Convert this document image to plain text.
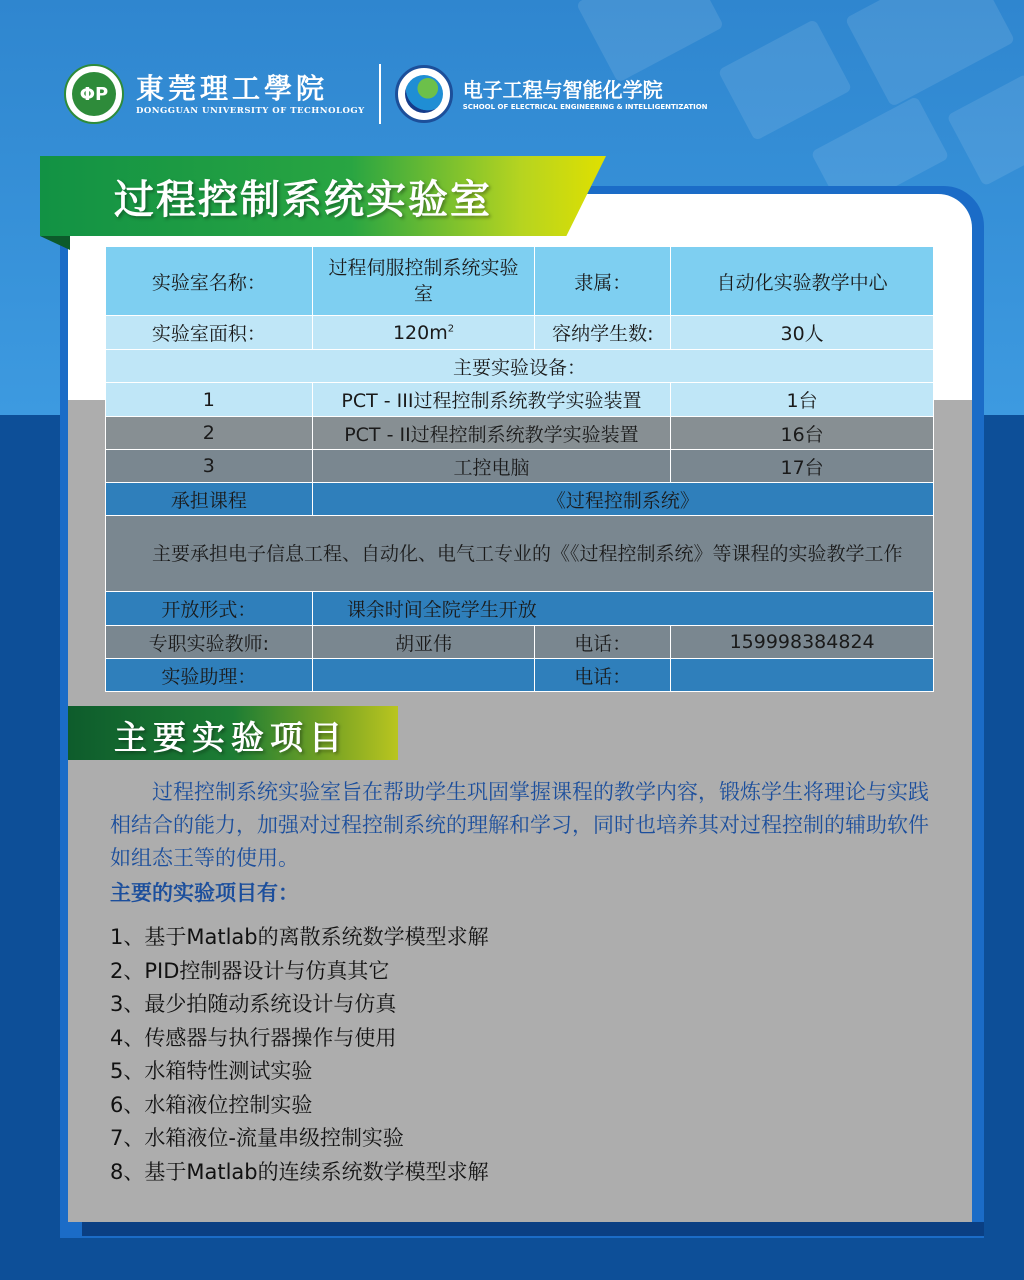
ΦP 東莞理工學院
DONGGUAN UNIVERSITY OF TECHNOLOGY
电子工程与智能化学院
SCHOOL OF ELECTRICAL ENGINEERING & INTELLIGENTIZATION
过程控制系统实验室
实验室名称：	过程伺服控制系统实验室	隶属：	自动化实验教学中心
实验室面积：	$120m^2$	容纳学生数:	30人
主要实验设备：			
1	PCT - III过程控制系统教学实验装置		1台
2	PCT - II过程控制系统教学实验装置		16台
3	工控电脑		17台
承担课程	《过程控制系统》		
主要承担电子信息工程、自动化、电气工专业的《《过程控制系统》等课程的实验教学工作			
开放形式：	课余时间全院学生开放		
专职实验教师:	胡亚伟	电话：	159998384824
实验助理：		电话：	
主要实验项目

过程控制系统实验室旨在帮助学生巩固掌握课程的教学内容，锻炼学生将理论与实践相结合的能力，加强对过程控制系统的理解和学习，同时也培养其对过程控制的辅助软件如组态王等的使用。

主要的实验项目有：
1、基于Matlab的离散系统数学模型求解
2、PID控制器设计与仿真其它
3、最少拍随动系统设计与仿真
4、传感器与执行器操作与使用
5、水箱特性测试实验
6、水箱液位控制实验
7、水箱液位-流量串级控制实验
8、基于Matlab的连续系统数学模型求解
